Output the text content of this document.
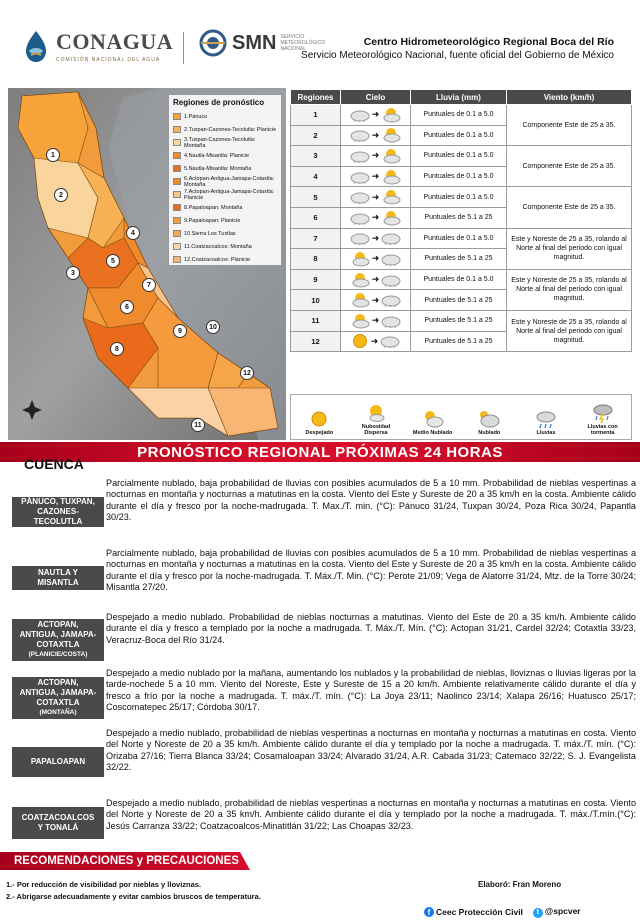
CONAGUA
COMISIÓN NACIONAL DEL AGUA
SMN SERVICIO
METEOROLÓGICO
NACIONAL
Centro Hidrometeorológico Regional Boca del Río
Servicio Meteorológico Nacional, fuente oficial del Gobierno de México
1
2
3
4
5
6
7
8
9
10
11
12
Regiones de pronóstico
1.Pánuco
2.Tuxpan-Cazones-Tecolutla: Planicie
3.Tuxpan-Cazones-Tecolutla: Montaña
4.Nautla-Misantla: Planicie
5.Nautla-Misantla: Montaña
6.Actopan-Antigua-Jamapa-Cotaxtla: Montaña
7.Actopan-Antigua-Jamapa-Cotaxtla: Planicie
8.Papaloapan: Montaña
9.Papaloapan: Planicie
10.Sierra Los Tuxtlas
11.Coatzacoalcos: Montaña
12.Coatzacoalcos: Planicie
Regiones	Cielo	Lluvia (mm)	Viento (km/h)
1	➜	Puntuales de 0.1 a 5.0	Componente Este de 25 a 35.
2	➜	Puntuales de 0.1 a 5.0	
3	➜	Puntuales de 0.1 a 5.0	Componente Este de 25 a 35.
4	➜	Puntuales de 0.1 a 5.0	
5	➜	Puntuales de 0.1 a 5.0	Componente Este de 25 a 35.
6	➜	Puntuales de 5.1 a 25	
7	➜	Puntuales de 0.1 a 5.0	Este y Noreste de 25 a 35, rolando al Norte al final del periodo con igual magnitud.
8	➜	Puntuales de 5.1 a 25	
9	➜	Puntuales de 0.1 a 5.0	Este y Noreste de 25 a 35, rolando al Norte al final del periodo con igual magnitud.
10	➜	Puntuales de 5.1 a 25	
11	➜	Puntuales de 5.1 a 25	Este y Noreste de 25 a 35, rolando al Norte al final del periodo con igual magnitud.
12	➜	Puntuales de 5.1 a 25	
Despejado
Nubosidad Dispersa	Medio Nublado	Nublado	Lluvias
Lluvias con tormenta
PRONÓSTICO REGIONAL PRÓXIMAS 24 HORAS
CUENCA
PÁNUCO, TUXPAN,
CAZONES-
TECOLUTLA
Parcialmente nublado, baja probabilidad de lluvias con posibles acumulados de 5 a 10 mm. Probabilidad de nieblas vespertinas a nocturnas en montaña y nocturnas a matutinas en la costa. Viento del Este y Sureste de 20 a 35 km/h en la costa. Ambiente cálido durante el día y fresco por la noche-madrugada. T. Max./T. min. (°C): Pánuco 31/24, Tuxpan 30/24, Poza Rica 30/24, Papantla 30/23.
NAUTLA Y
MISANTLA
Parcialmente nublado, baja probabilidad de lluvias con posibles acumulados de 5 a 10 mm. Probabilidad de nieblas vespertinas a nocturnas en montaña y nocturnas a matutinas en la costa. Viento del Este y Sureste de 20 a 35 km/h en la costa. Ambiente cálido durante el día y fresco por la noche-madrugada. T. Máx./T. Min. (°C): Perote 21/09; Vega de Alatorre 31/24, Mtz. de la Torre 30/24; Misantla 27/20.
ACTOPAN,
ANTIGUA, JAMAPA-
COTAXTLA
(PLANICIE/COSTA)
Despejado a medio nublado. Probabilidad de nieblas nocturnas a matutinas. Viento del Este de 20 a 35 km/h. Ambiente cálido durante el día y fresco a templado por la noche a madrugada. T. Máx./T. Mín. (°C): Actopan 31/21, Cardel 32/24; Cotaxtla 33/23, Veracruz-Boca del Río 31/24.
ACTOPAN,
ANTIGUA, JAMAPA-
COTAXTLA
(MONTAÑA)
Despejado a medio nublado por la mañana, aumentando los nublados y la probabilidad de nieblas, lloviznas o lluvias ligeras por la tarde-nochede 5 a 10 mm. Viento del Noreste, Este y Sureste de 15 a 20 km/h. Ambiente relativamente cálido durante el día y fresco a frío por la noche a madrugada. T. máx./T. mín. (°C): La Joya 23/11; Naolinco 23/14; Xalapa 26/16; Huatusco 25/17; Coscomatepec 25/17; Córdoba 30/17.
PAPALOAPAN
Despejado a medio nublado, probabilidad de nieblas vespertinas a nocturnas en montaña y nocturnas a matutinas en costa. Viento del Norte y Noreste de 20 a 35 km/h. Ambiente cálido durante el día y templado por la noche a madrugada. T. máx./T. mín. (°C): Orizaba 27/16; Tierra Blanca 33/24; Cosamaloapan 33/24; Alvarado 31/24, A.R. Cabada 31/23; Catemaco 32/22; S. J. Evangelista 32/22.
COATZACOALCOS
Y TONALÁ
Despejado a medio nublado, probabilidad de nieblas vespertinas a nocturnas en montaña y nocturnas a matutinas en costa. Viento del Norte y Noreste de 20 a 35 km/h. Ambiente cálido durante el día y templado por la noche a madrugada. T. máx./T.mín.(°C): Jesús Carranza 33/22; Coatzacoalcos-Minatitlán 31/22; Las Choapas 32/23.
RECOMENDACIONES y PRECAUCIONES
1.- Por reducción de visibilidad por nieblas y lloviznas.
2.- Abrigarse adecuadamente y evitar cambios bruscos de temperatura.
Elaboró: Fran Moreno
f Ceec Protección Civil	t @spcver
